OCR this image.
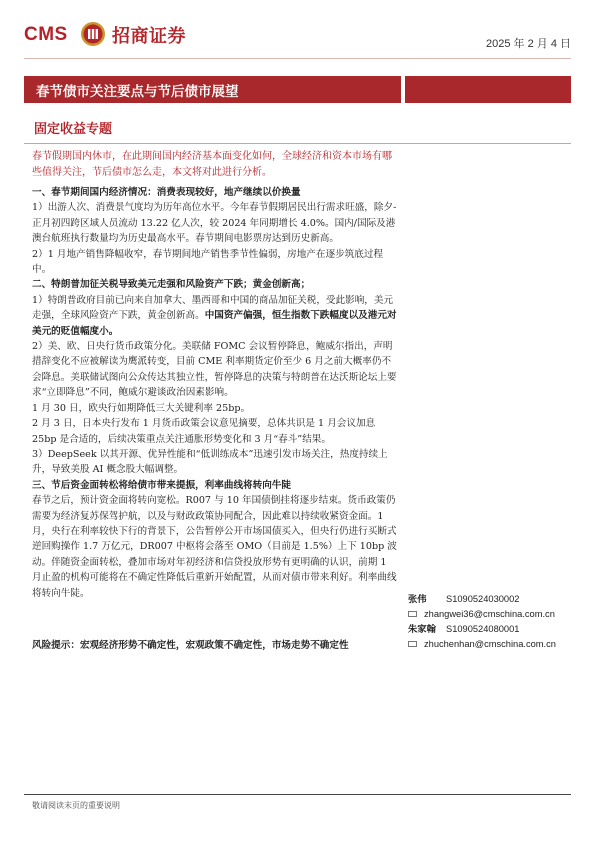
CMS 招商证券	2025 年 2 月 4 日
春节债市关注要点与节后债市展望
固定收益专题
春节假期国内休市，在此期间国内经济基本面变化如何，全球经济和资本市场有哪些值得关注，节后债市怎么走，本文将对此进行分析。

一、春节期间国内经济情况：消费表现较好，地产继续以价换量

1）出游人次、消费景气度均为历年高位水平。今年春节假期居民出行需求旺盛，除夕-正月初四跨区域人员流动 13.22 亿人次，较 2024 年同期增长 4.0%。国内/国际及港澳台航班执行数量均为历史最高水平。春节期间电影票房达到历史新高。

2）1 月地产销售降幅收窄，春节期间地产销售季节性偏弱，房地产在逐步筑底过程中。

二、特朗普加征关税导致美元走强和风险资产下跌；黄金创新高；

1）特朗普政府目前已向来自加拿大、墨西哥和中国的商品加征关税，受此影响，美元走强，全球风险资产下跌，黄金创新高。中国资产偏强，恒生指数下跌幅度以及港元对美元的贬值幅度小。

2）美、欧、日央行货币政策分化。美联储 FOMC 会议暂停降息，鲍威尔指出，声明措辞变化不应被解读为鹰派转变，目前 CME 利率期货定价至少 6 月之前大概率仍不会降息。美联储试图向公众传达其独立性，暂停降息的决策与特朗普在达沃斯论坛上要求“立即降息”不同，鲍威尔避谈政治因素影响。

1 月 30 日，欧央行如期降低三大关键利率 25bp。

2 月 3 日，日本央行发布 1 月货币政策会议意见摘要，总体共识是 1 月会议加息 25bp 是合适的，后续决策重点关注通胀形势变化和 3 月“春斗”结果。

3）DeepSeek 以其开源、优异性能和“低训练成本”迅速引发市场关注，热度持续上升，导致美股 AI 概念股大幅调整。

三、节后资金面转松将给债市带来提振，利率曲线将转向牛陡

春节之后，预计资金面将转向宽松。R007 与 10 年国债倒挂将逐步结束。货币政策仍需要为经济复苏保驾护航，以及与财政政策协同配合，因此难以持续收紧资金面。1 月，央行在利率较快下行的背景下，公告暂停公开市场国债买入，但央行仍进行买断式逆回购操作 1.7 万亿元，DR007 中枢将会落至 OMO（目前是 1.5%）上下 10bp 波动。伴随资金面转松，叠加市场对年初经济和信贷投放形势有更明确的认识，前期 1 月止盈的机构可能将在不确定性降低后重新开始配置，从而对债市带来利好。利率曲线将转向牛陡。

风险提示：宏观经济形势不确定性，宏观政策不确定性，市场走势不确定性
张伟	S1090524030002
zhangwei36@cmschina.com.cn
朱家翰	S1090524080001
zhuchenhan@cmschina.com.cn
敬请阅读末页的重要说明
